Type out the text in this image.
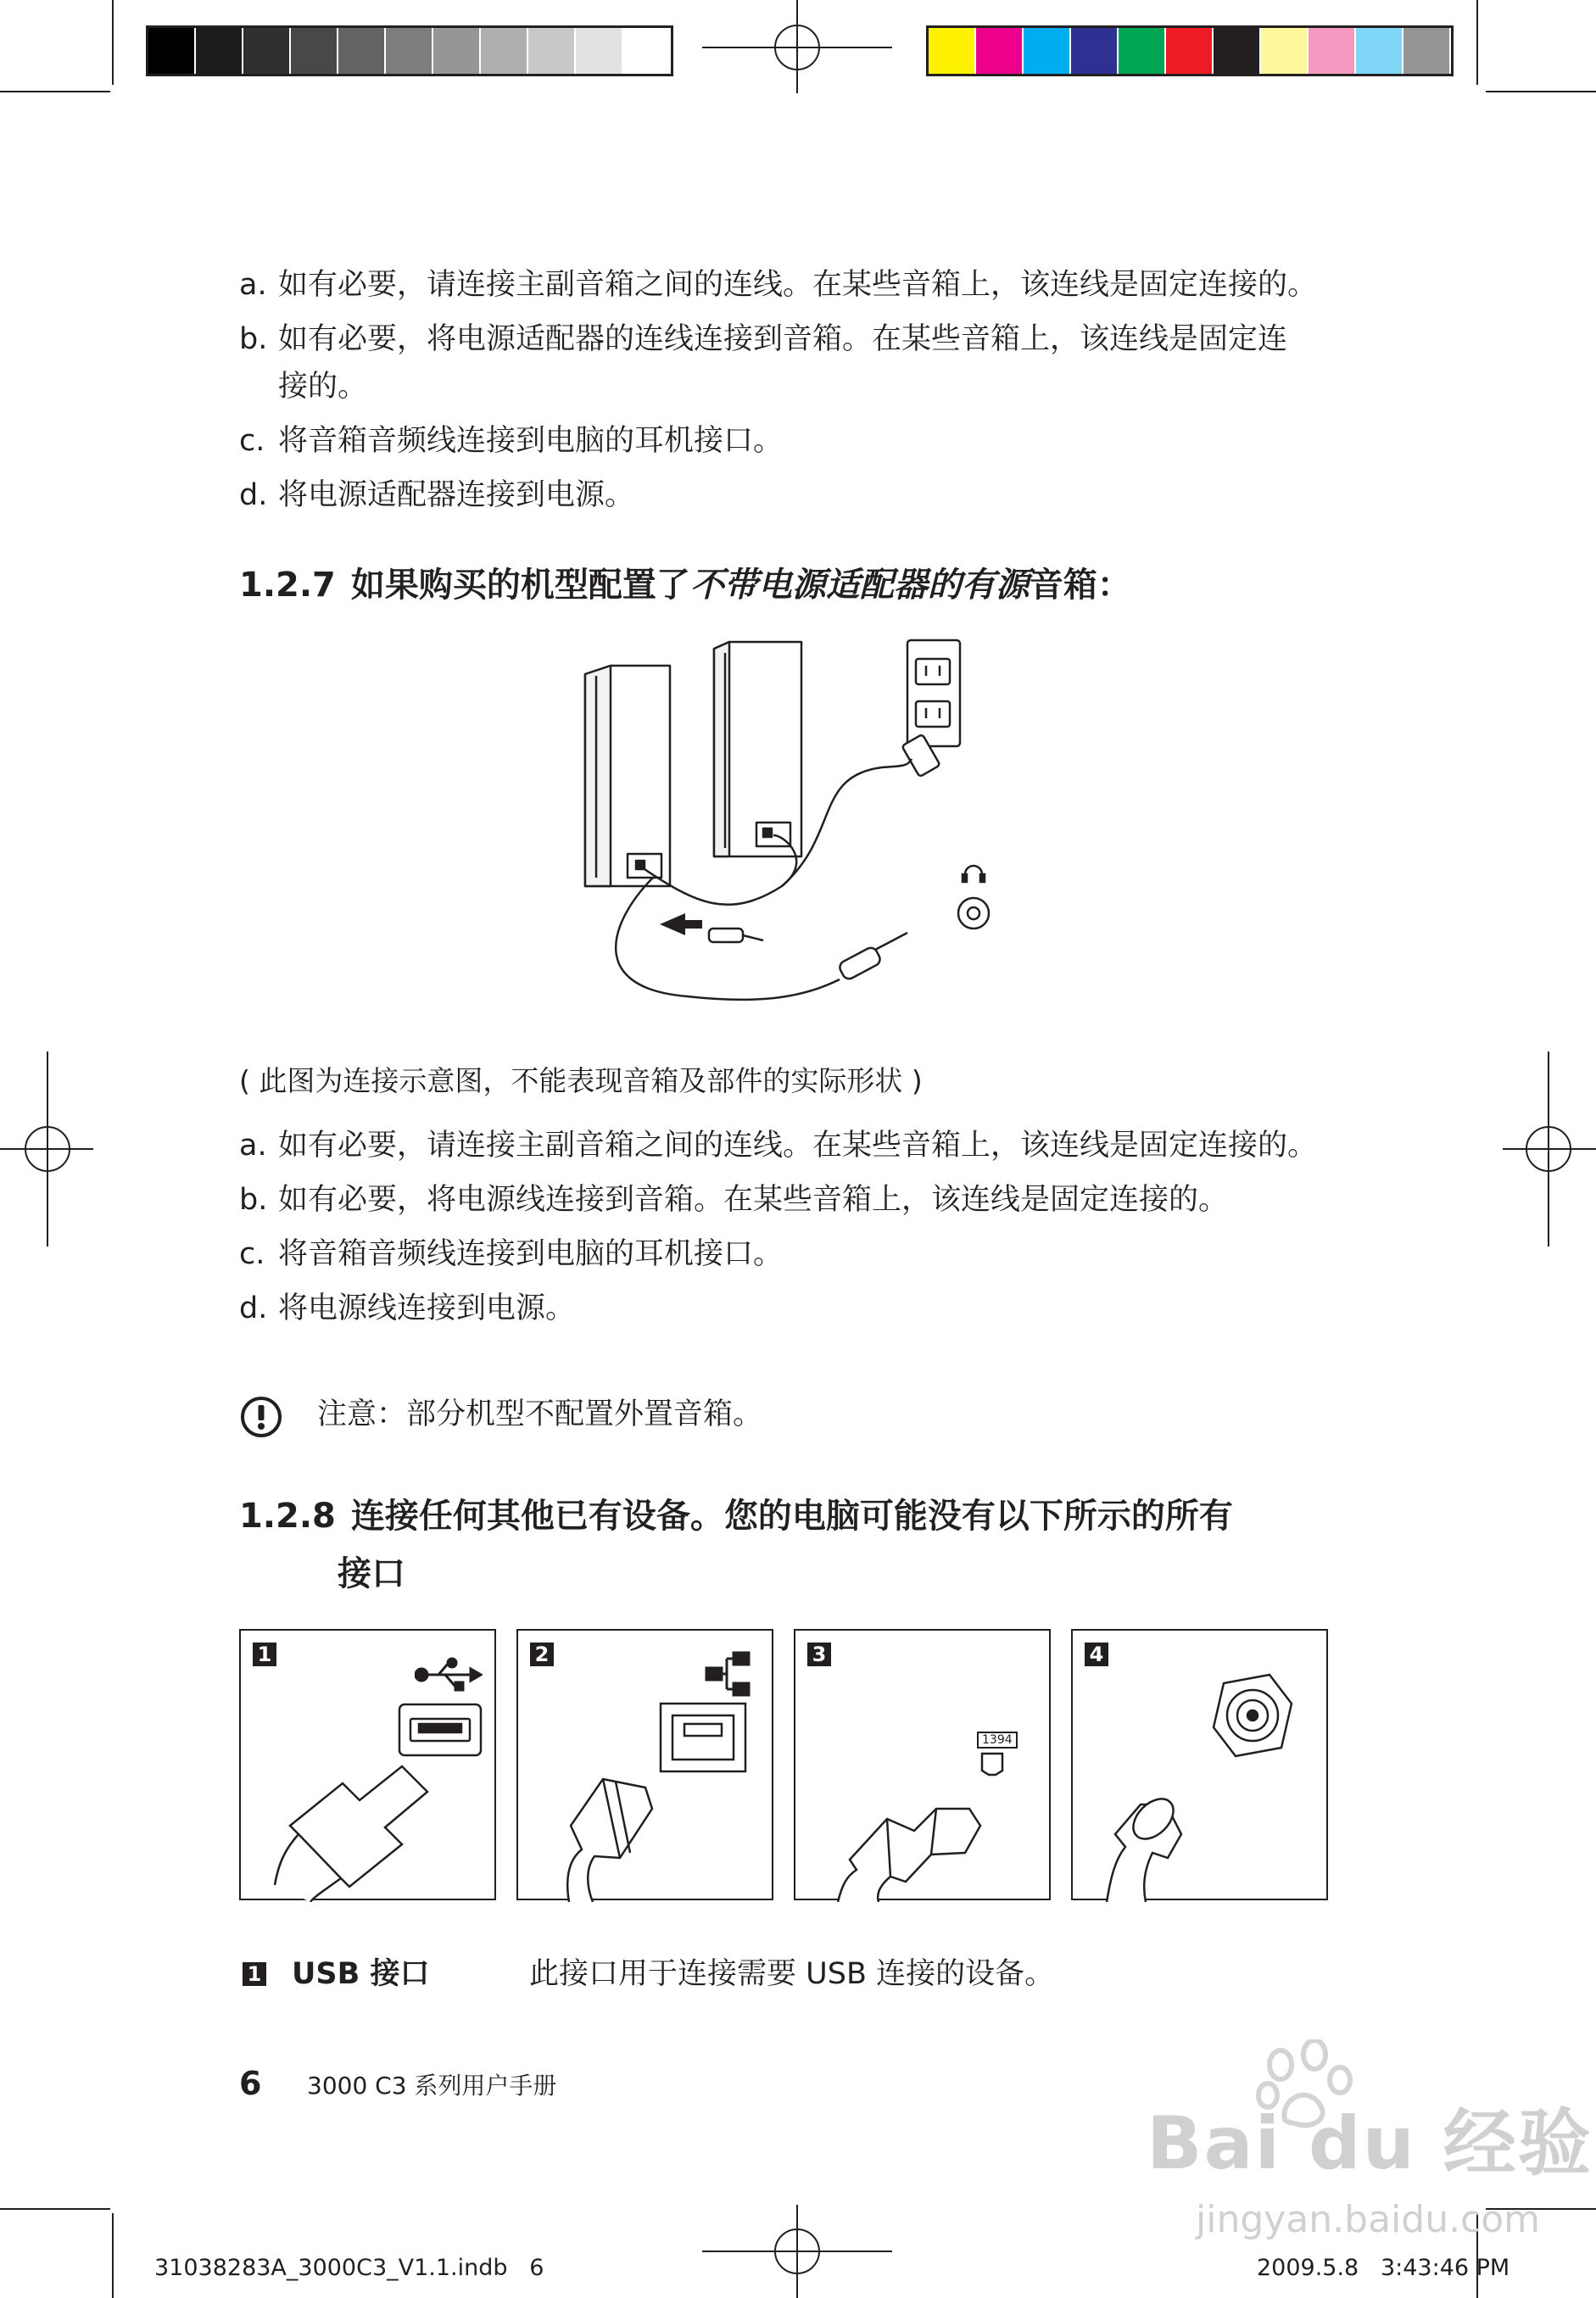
a. 如有必要，请连接主副音箱之间的连线。在某些音箱上，该连线是固定连接的。
b. 如有必要，将电源适配器的连线连接到音箱。在某些音箱上，该连线是固定连
接的。
c. 将音箱音频线连接到电脑的耳机接口。
d. 将电源适配器连接到电源。
1.2.7 如果购买的机型配置了不带电源适配器的有源音箱：
( 此图为连接示意图，不能表现音箱及部件的实际形状 )
a. 如有必要，请连接主副音箱之间的连线。在某些音箱上，该连线是固定连接的。
b. 如有必要，将电源线连接到音箱。在某些音箱上，该连线是固定连接的。
c. 将音箱音频线连接到电脑的耳机接口。
d. 将电源线连接到电源。
注意：部分机型不配置外置音箱。
1.2.8 连接任何其他已有设备。您的电脑可能没有以下所示的所有
接口
1	2	3
1394
4
1 USB 接口	此接口用于连接需要 USB 连接的设备。
6 3000 C3 系列用户手册
31038283A_3000C3_V1.1.indb   6	2009.5.8   3:43:46 PM
Bai du 经验
jingyan.baidu.com
